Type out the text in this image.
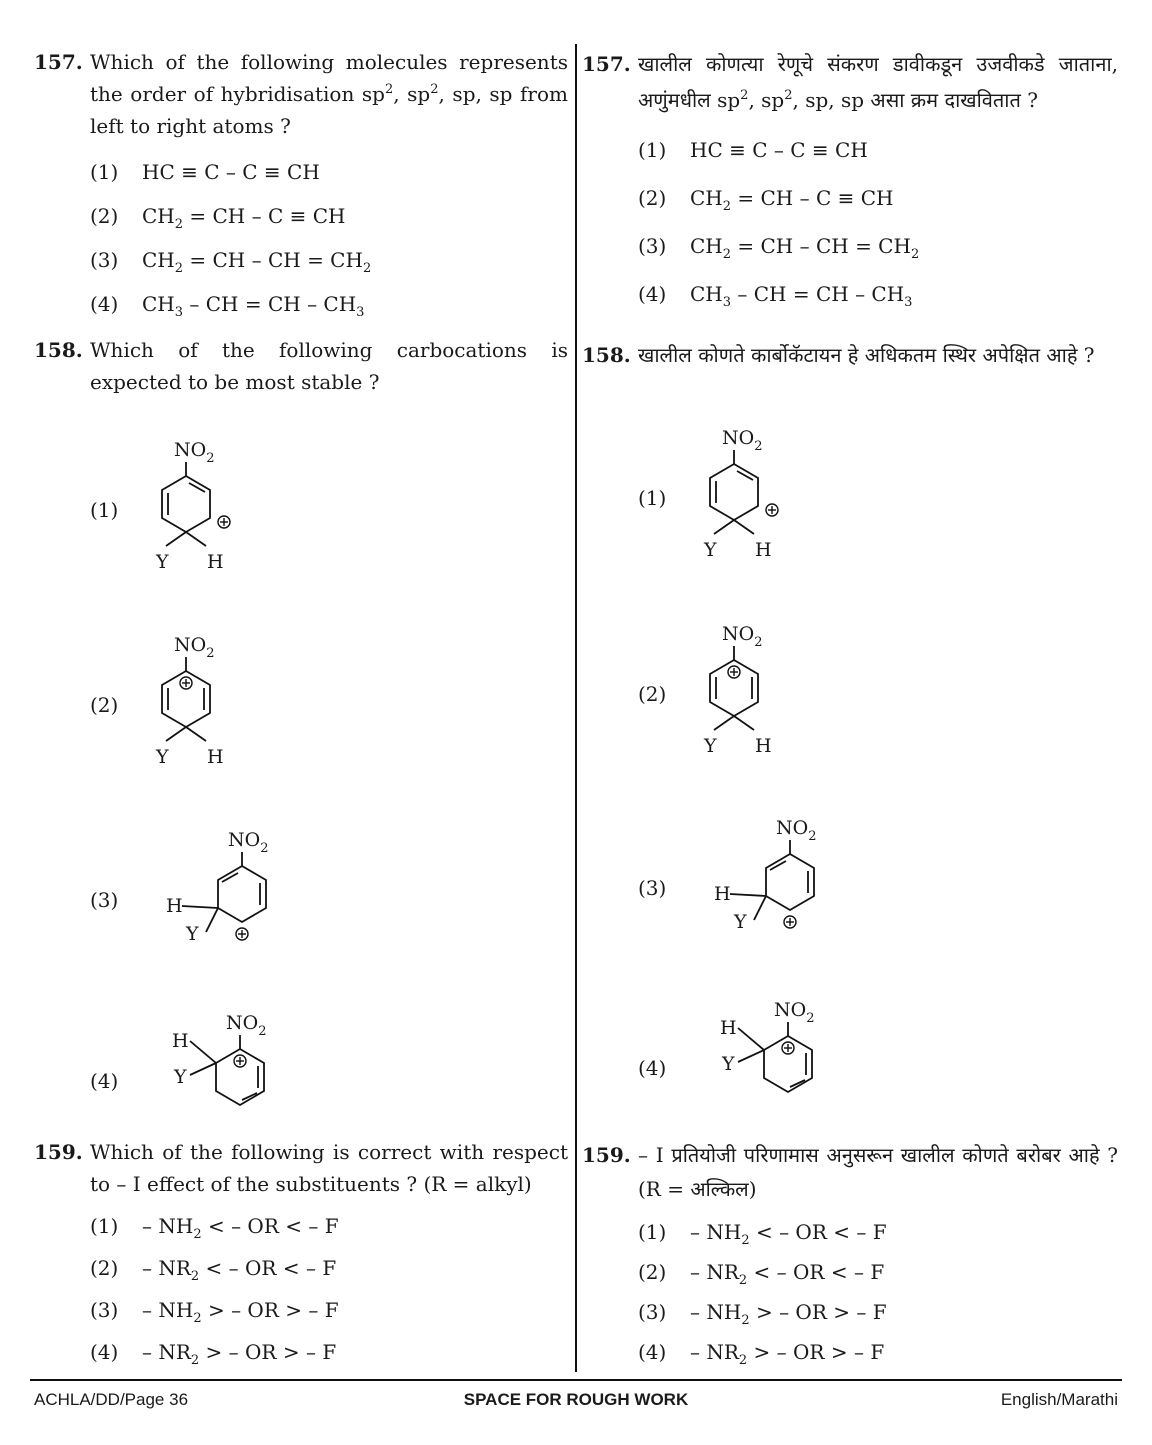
157. Which of the following molecules represents the order of hybridisation $sp^2$, $sp^2$, sp, sp from left to right atoms ?
(1)	HC ≡ C – C ≡ CH
(2)	$CH_2$ = CH – C ≡ CH
(3)	$CH_2$ = CH – CH = $CH_2$
(4)	$CH_3$ – CH = CH – $CH_3$
158. Which of the following carbocations is expected to be most stable ?
(1)
$NO_2$
Y H
(2)
$NO_2$
Y H
(3)
$NO_2$
H
Y
(4)
$NO_2$
H
Y
159. Which of the following is correct with respect to – I effect of the substituents ? (R = alkyl)
(1)	– $NH_2$ < – OR < – F
(2)	– $NR_2$ < – OR < – F
(3)	– $NH_2$ > – OR > – F
(4)	– $NR_2$ > – OR > – F
157. खालील कोणत्या रेणूचे संकरण डावीकडून उजवीकडे जाताना, अणुंमधील $sp^2$, $sp^2$, sp, sp असा क्रम दाखवितात ?
(1)	HC ≡ C – C ≡ CH
(2)	$CH_2$ = CH – C ≡ CH
(3)	$CH_2$ = CH – CH = $CH_2$
(4)	$CH_3$ – CH = CH – $CH_3$
158. खालील कोणते कार्बोकॅटायन हे अधिकतम स्थिर अपेक्षित आहे ?
(1)
$NO_2$
Y H
(2)
$NO_2$
Y H
(3)
$NO_2$
H
Y
(4)
$NO_2$
H
Y
159. – I प्रतियोजी परिणामास अनुसरून खालील कोणते बरोबर आहे ? (R = अल्किल)
(1)	– $NH_2$ < – OR < – F
(2)	– $NR_2$ < – OR < – F
(3)	– $NH_2$ > – OR > – F
(4)	– $NR_2$ > – OR > – F
ACHLA/DD/Page 36	SPACE FOR ROUGH WORK	English/Marathi
